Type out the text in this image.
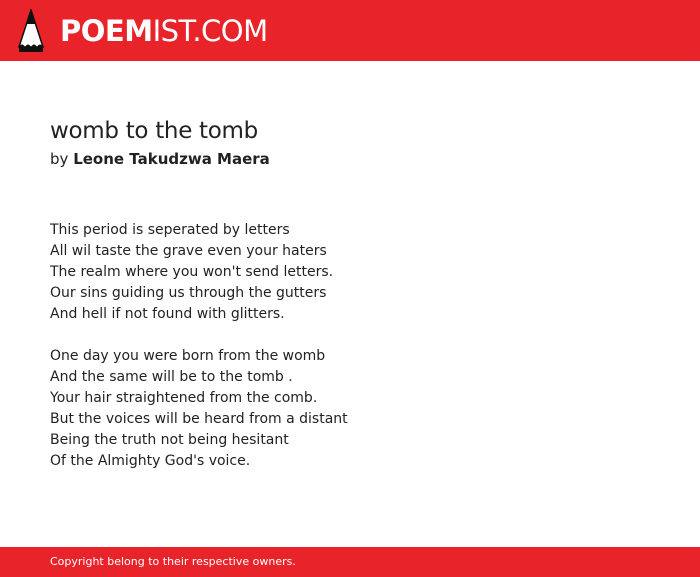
POEMIST.COM
womb to the tomb

by Leone Takudzwa Maera

This period is seperated by letters
All wil taste the grave even your haters
The realm where you won't send letters.
Our sins guiding us through the gutters
And hell if not found with glitters.
One day you were born from the womb
And the same will be to the tomb .
Your hair straightened from the comb.
But the voices will be heard from a distant
Being the truth not being hesitant
Of the Almighty God's voice.
Copyright belong to their respective owners.
